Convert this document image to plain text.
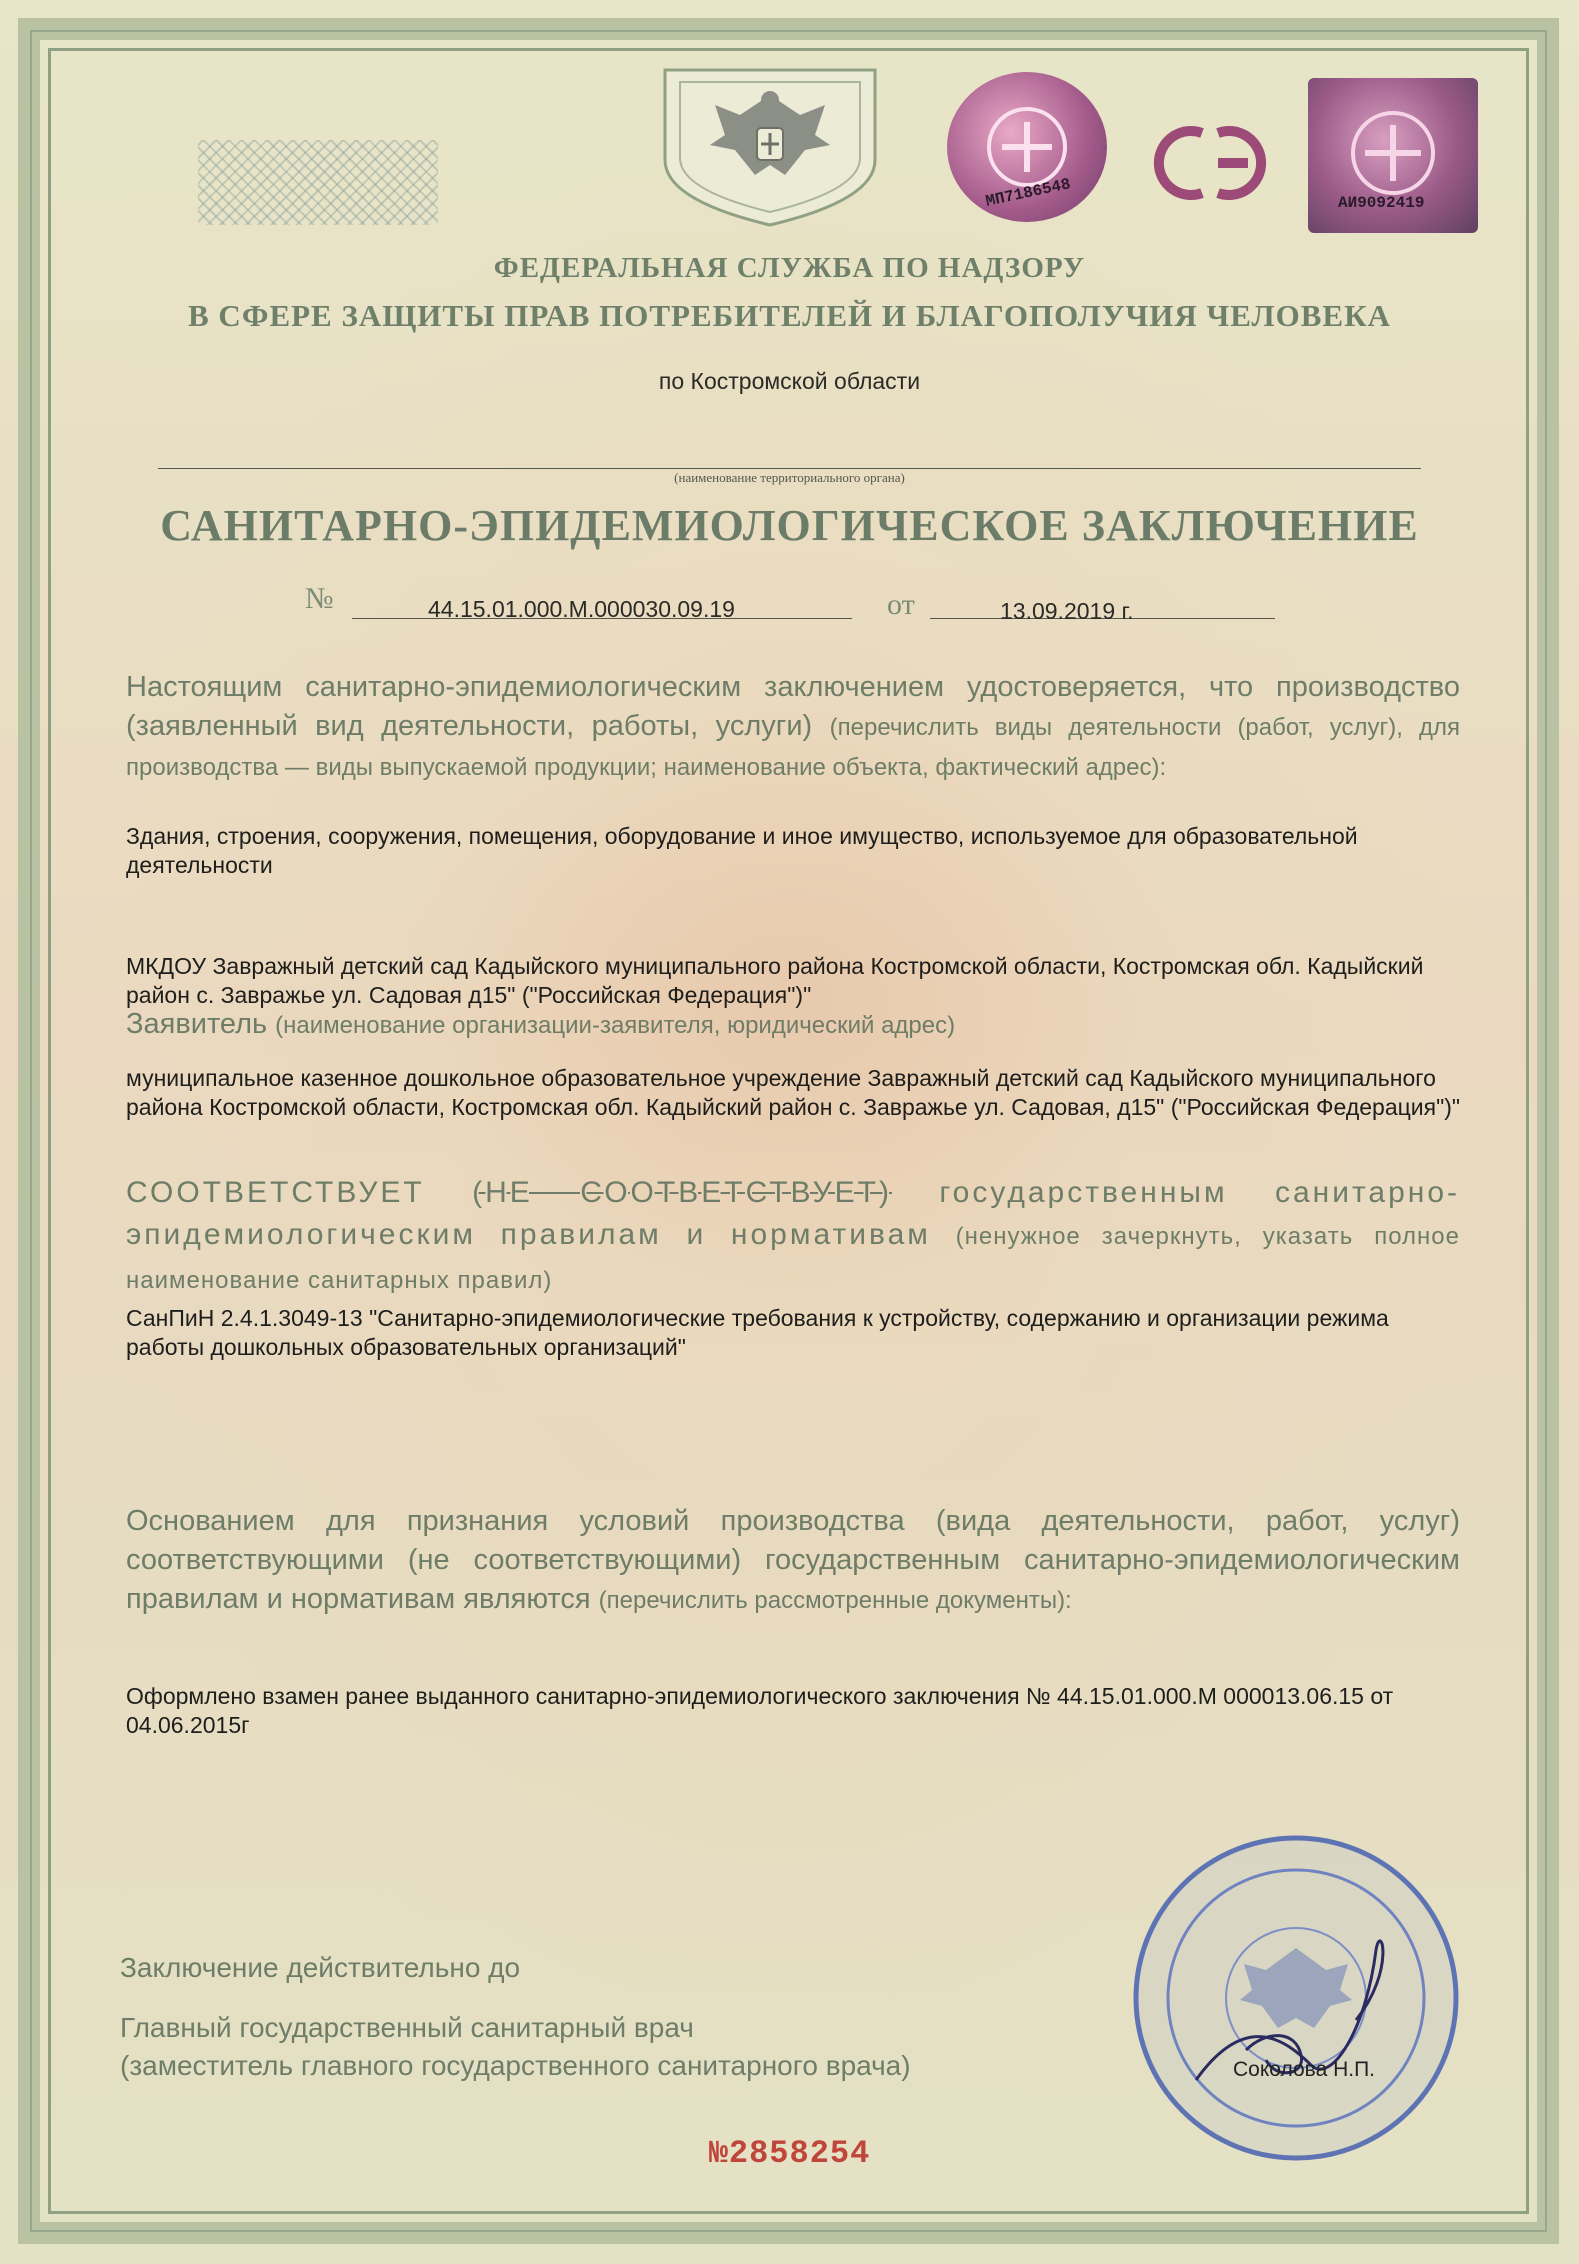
МП7186548	АИ9092419
ФЕДЕРАЛЬНАЯ СЛУЖБА ПО НАДЗОРУ
В СФЕРЕ ЗАЩИТЫ ПРАВ ПОТРЕБИТЕЛЕЙ И БЛАГОПОЛУЧИЯ ЧЕЛОВЕКА
по Костромской области
(наименование территориального органа)
САНИТАРНО-ЭПИДЕМИОЛОГИЧЕСКОЕ ЗАКЛЮЧЕНИЕ
№	44.15.01.000.М.000030.09.19	от	13.09.2019 г.
Настоящим санитарно-эпидемиологическим заключением удостоверяется, что производство (заявленный вид деятельности, работы, услуги) (перечислить виды деятельности (работ, услуг), для производства — виды выпускаемой продукции; наименование объекта, фактический адрес):
Здания, строения, сооружения, помещения, оборудование и иное имущество, используемое для образовательной деятельности
МКДОУ Завражный детский сад Кадыйского муниципального района Костромской области, Костромская обл. Кадыйский район с. Завражье ул. Садовая д15" ("Российская Федерация")"
Заявитель (наименование организации-заявителя, юридический адрес)
муниципальное казенное дошкольное образовательное учреждение Завражный детский сад Кадыйского муниципального района Костромской области, Костромская обл. Кадыйский район с. Завражье ул. Садовая, д15" ("Российская Федерация")"
СООТВЕТСТВУЕТ (НЕ СООТВЕТСТВУЕТ) государственным санитарно-эпидемиологическим правилам и нормативам (ненужное зачеркнуть, указать полное наименование санитарных правил)
СанПиН 2.4.1.3049-13 "Санитарно-эпидемиологические требования к устройству, содержанию и организации режима работы дошкольных образовательных организаций"
Основанием для признания условий производства (вида деятельности, работ, услуг) соответствующими (не соответствующими) государственным санитарно-эпидемиологическим правилам и нормативам являются (перечислить рассмотренные документы):
Оформлено взамен ранее выданного санитарно-эпидемиологического заключения № 44.15.01.000.М 000013.06.15 от 04.06.2015г
Заключение действительно до
Главный государственный санитарный врач
(заместитель главного государственного санитарного врача)	Соколова Н.П.
№2858254
